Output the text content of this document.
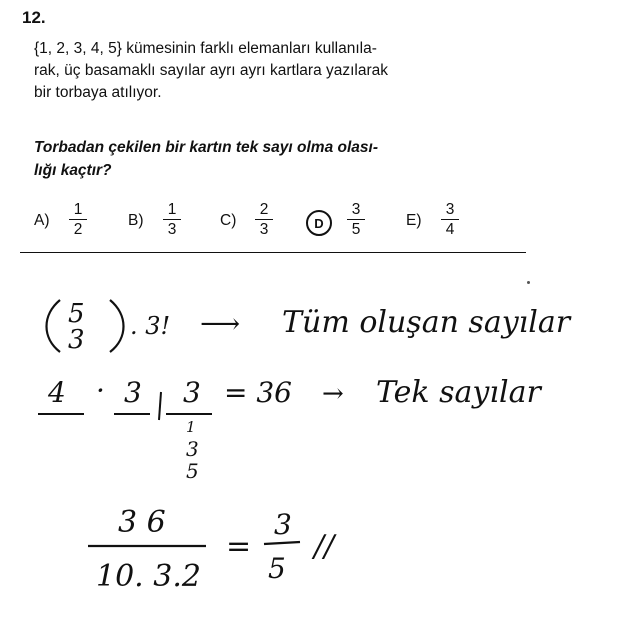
12.
{1, 2, 3, 4, 5} kümesinin farklı elemanları kullanıla-
rak, üç basamaklı sayılar ayrı ayrı kartlara yazılarak
bir torbaya atılıyor.
Torbadan çekilen bir kartın tek sayı olma olası-
lığı kaçtır?
A)
1
2
B)
1
3
C)
2
3	D
3
5
E)
3
4
5
3 . 3! ⟶ Tüm oluşan sayılar
4 · 3 3 = 36 → Tek sayılar
1
3
5
3 6
10. 3.2
=
3
5
//
